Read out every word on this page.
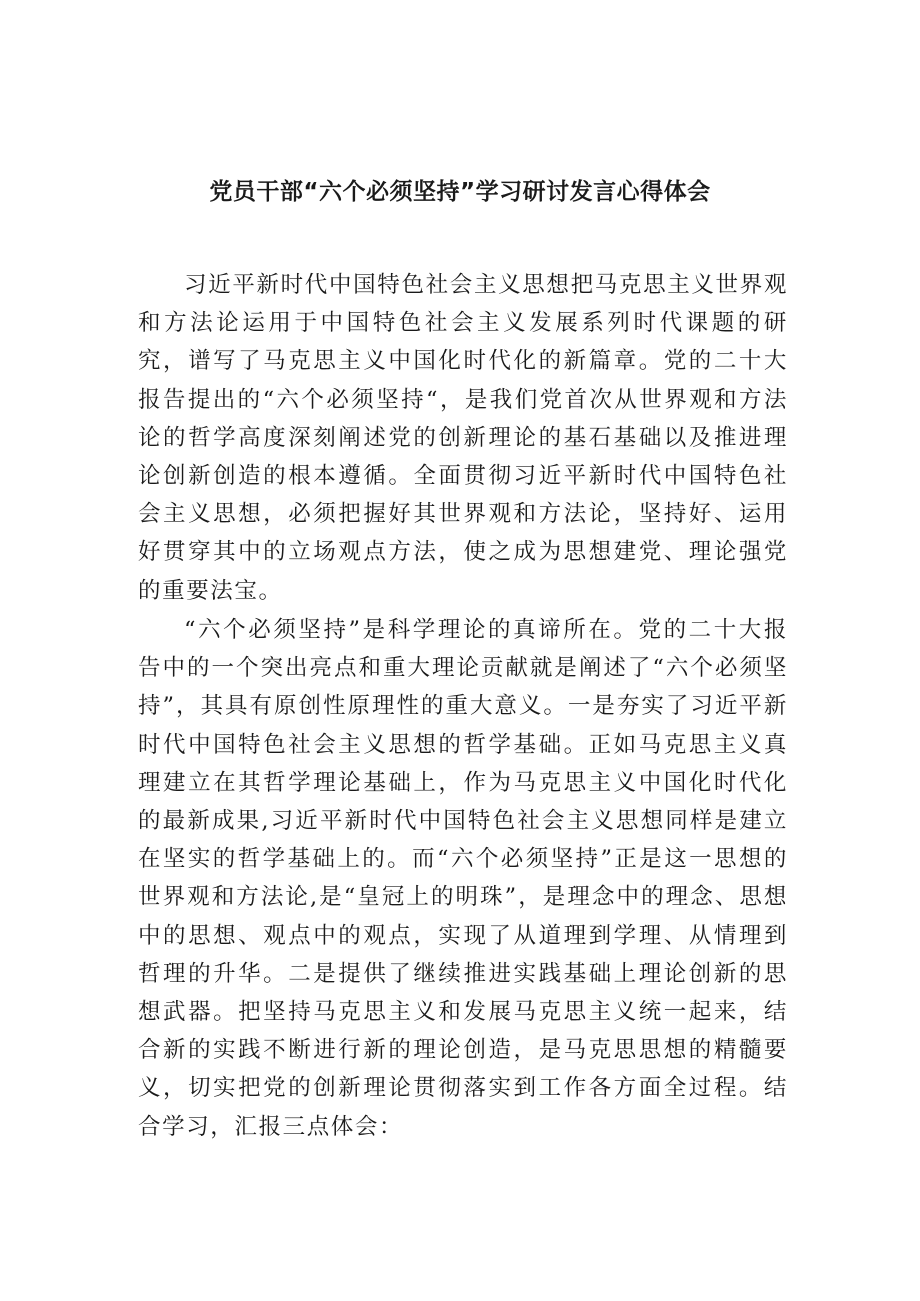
党员干部“六个必须坚持”学习研讨发言心得体会

习近平新时代中国特色社会主义思想把马克思主义世界观和方法论运用于中国特色社会主义发展系列时代课题的研究，谱写了马克思主义中国化时代化的新篇章。党的二十大报告提出的“六个必须坚持“，是我们党首次从世界观和方法论的哲学高度深刻阐述党的创新理论的基石基础以及推进理论创新创造的根本遵循。全面贯彻习近平新时代中国特色社会主义思想，必须把握好其世界观和方法论，坚持好、运用好贯穿其中的立场观点方法，使之成为思想建党、理论强党的重要法宝。

“六个必须坚持”是科学理论的真谛所在。党的二十大报告中的一个突出亮点和重大理论贡献就是阐述了“六个必须坚持”，其具有原创性原理性的重大意义。一是夯实了习近平新时代中国特色社会主义思想的哲学基础。正如马克思主义真理建立在其哲学理论基础上，作为马克思主义中国化时代化的最新成果,习近平新时代中国特色社会主义思想同样是建立在坚实的哲学基础上的。而“六个必须坚持”正是这一思想的世界观和方法论,是“皇冠上的明珠”，是理念中的理念、思想中的思想、观点中的观点，实现了从道理到学理、从情理到哲理的升华。二是提供了继续推进实践基础上理论创新的思想武器。把坚持马克思主义和发展马克思主义统一起来，结合新的实践不断进行新的理论创造，是马克思思想的精髓要义，切实把党的创新理论贯彻落实到工作各方面全过程。结合学习，汇报三点体会：
